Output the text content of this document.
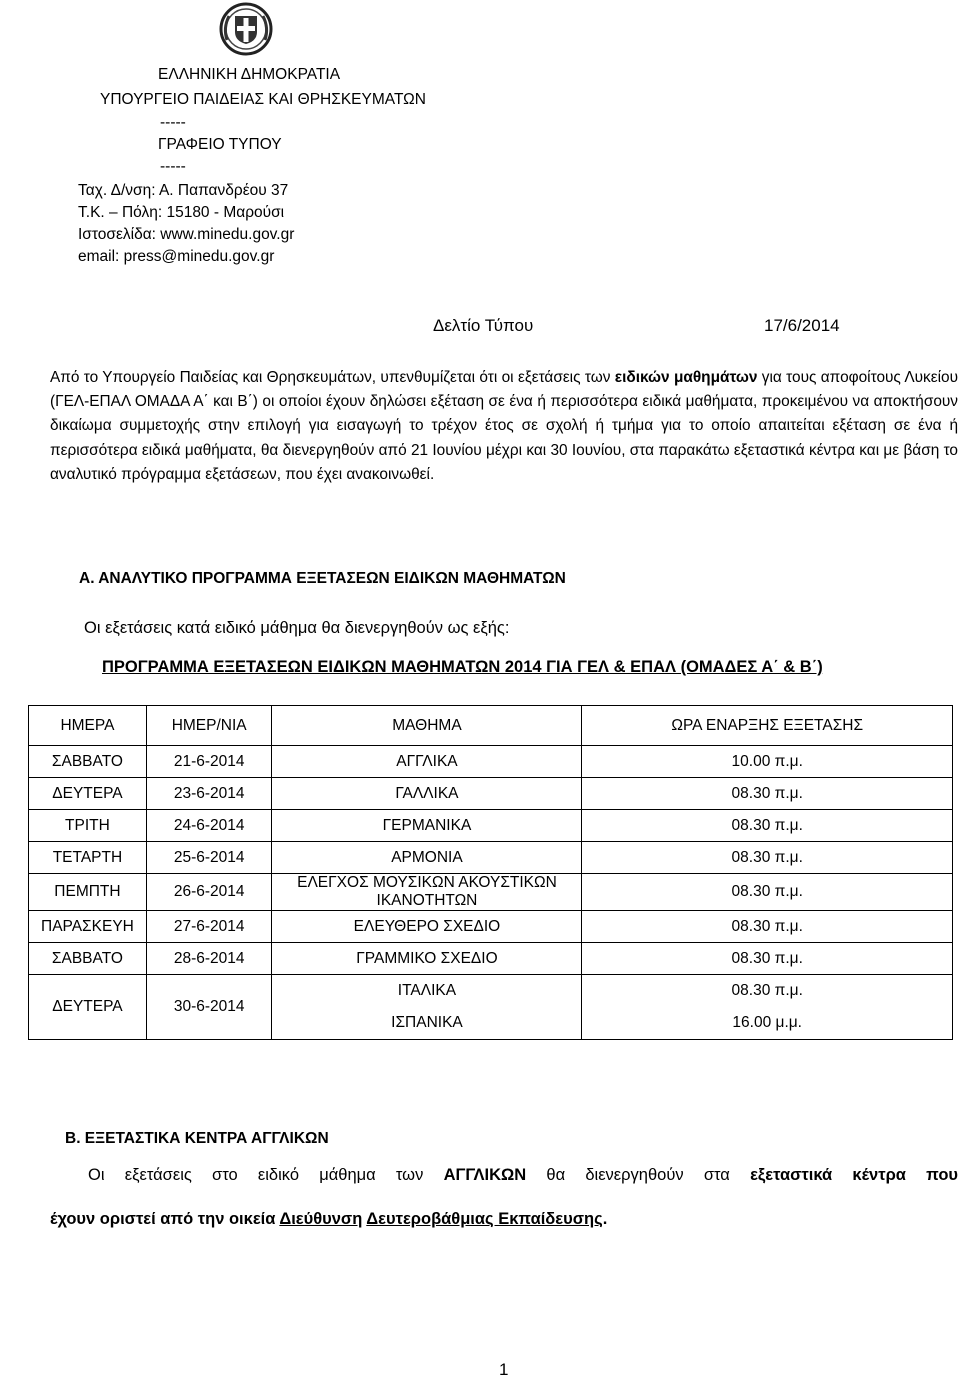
ΕΛΛΗΝΙΚΗ ΔΗΜΟΚΡΑΤΙΑ
ΥΠΟΥΡΓΕΙΟ ΠΑΙΔΕΙΑΣ ΚΑΙ ΘΡΗΣΚΕΥΜΑΤΩΝ
-----
ΓΡΑΦΕΙΟ ΤΥΠΟΥ
-----
Ταχ. Δ/νση: Α. Παπανδρέου 37
Τ.Κ. – Πόλη: 15180 - Μαρούσι
Ιστοσελίδα: www.minedu.gov.gr
email: press@minedu.gov.gr
Δελτίο Τύπου	17/6/2014
Από το Υπουργείο Παιδείας και Θρησκευμάτων, υπενθυμίζεται ότι οι εξετάσεις των ειδικών μαθημάτων για τους αποφοίτους Λυκείου (ΓΕΛ-ΕΠΑΛ ΟΜΑΔΑ Α΄ και Β΄) οι οποίοι έχουν δηλώσει εξέταση σε ένα ή περισσότερα ειδικά μαθήματα, προκειμένου να αποκτήσουν δικαίωμα συμμετοχής στην επιλογή για εισαγωγή το τρέχον έτος σε σχολή ή τμήμα για το οποίο απαιτείται εξέταση σε ένα ή περισσότερα ειδικά μαθήματα, θα διενεργηθούν από 21 Ιουνίου μέχρι και 30 Ιουνίου, στα παρακάτω εξεταστικά κέντρα και με βάση το αναλυτικό πρόγραμμα εξετάσεων, που έχει ανακοινωθεί.
Α. ΑΝΑΛΥΤΙΚΟ ΠΡΟΓΡΑΜΜΑ ΕΞΕΤΑΣΕΩΝ ΕΙΔΙΚΩΝ ΜΑΘΗΜΑΤΩΝ
Οι εξετάσεις κατά ειδικό μάθημα θα διενεργηθούν ως εξής:
ΠΡΟΓΡΑΜΜΑ ΕΞΕΤΑΣΕΩΝ ΕΙΔΙΚΩΝ ΜΑΘΗΜΑΤΩΝ 2014 ΓΙΑ ΓΕΛ & ΕΠΑΛ (ΟΜΑΔΕΣ Α΄ & Β΄)
ΗΜΕΡΑ	ΗΜΕΡ/ΝΙΑ	ΜΑΘΗΜΑ	ΩΡΑ ΕΝΑΡΞΗΣ ΕΞΕΤΑΣΗΣ
ΣΑΒΒΑΤΟ	21-6-2014	ΑΓΓΛΙΚΑ	10.00 π.μ.
ΔΕΥΤΕΡΑ	23-6-2014	ΓΑΛΛΙΚΑ	08.30 π.μ.
ΤΡΙΤΗ	24-6-2014	ΓΕΡΜΑΝΙΚΑ	08.30 π.μ.
ΤΕΤΑΡΤΗ	25-6-2014	ΑΡΜΟΝΙΑ	08.30 π.μ.
ΠΕΜΠΤΗ	26-6-2014	ΕΛΕΓΧΟΣ ΜΟΥΣΙΚΩΝ ΑΚΟΥΣΤΙΚΩΝ ΙΚΑΝΟΤΗΤΩΝ	08.30 π.μ.
ΠΑΡΑΣΚΕΥΗ	27-6-2014	ΕΛΕΥΘΕΡΟ ΣΧΕΔΙΟ	08.30 π.μ.
ΣΑΒΒΑΤΟ	28-6-2014	ΓΡΑΜΜΙΚΟ ΣΧΕΔΙΟ	08.30 π.μ.
ΔΕΥΤΕΡΑ	30-6-2014	ΙΤΑΛΙΚΑ	08.30 π.μ.
		ΙΣΠΑΝΙΚΑ	16.00 μ.μ.
Β. ΕΞΕΤΑΣΤΙΚΑ ΚΕΝΤΡΑ ΑΓΓΛΙΚΩΝ
Οι εξετάσεις στο ειδικό μάθημα των ΑΓΓΛΙΚΩΝ θα διενεργηθούν στα εξεταστικά κέντρα που
έχουν οριστεί από την οικεία Διεύθυνση Δευτεροβάθμιας Εκπαίδευσης.
1
